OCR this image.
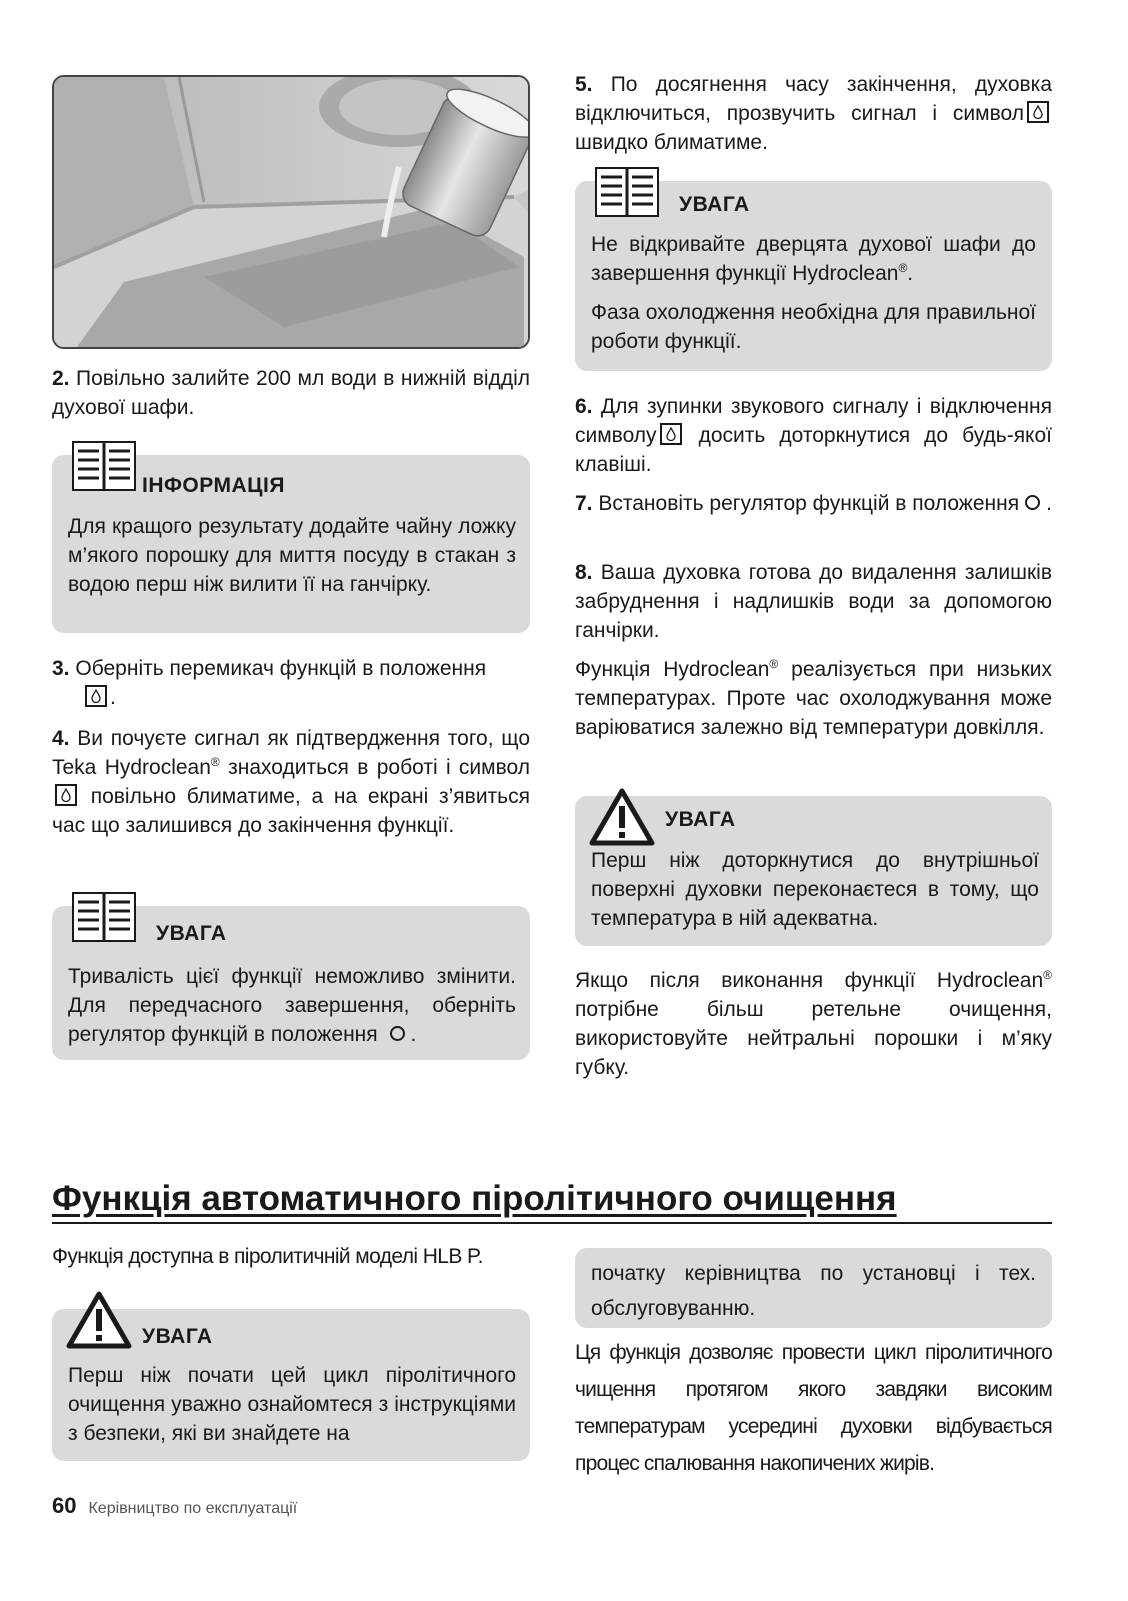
2. Повільно залийте 200 мл води в нижній відділ духової шафи.
ІНФОРМАЦІЯ
Для кращого результату додайте чайну ложку м’якого порошку для миття посуду в стакан з водою перш ніж вилити її на ганчірку.
3. Оберніть перемикач функцій в положення
.
4. Ви почуєте сигнал як підтвердження того, що Teka Hydroclean® знаходиться в роботі і символ
повільно блиматиме, а на екрані з’явиться час що залишився до закінчення функції.
УВАГА
Тривалість цієї функції неможливо змінити. Для передчасного завершення, оберніть регулятор функцій в положення .
5. По досягнення часу закінчення, духовка відключиться, прозвучить сигнал і символ
швидко блиматиме.
УВАГА
Не відкривайте дверцята духової шафи до завершення функції Hydroclean®.
Фаза охолодження необхідна для правильної роботи функції.
6. Для зупинки звукового сигналу і відключення символу
досить доторкнутися до будь-якої клавіші.
7. Встановіть регулятор функцій в положення .
8. Ваша духовка готова до видалення залишків забруднення і надлишків води за допомогою ганчірки.
Функція Hydroclean® реалізується при низьких температурах. Проте час охолоджування може варіюватися залежно від температури довкілля.
УВАГА
Перш ніж доторкнутися до внутрішньої поверхні духовки переконаєтеся в тому, що температура в ній адекватна.
Якщо після виконання функції Hydroclean® потрібне більш ретельне очищення, використовуйте нейтральні порошки і м’яку губку.
Функція автоматичного піролітичного очищення
Функція доступна в піролитичній моделі HLB P.
УВАГА
Перш ніж почати цей цикл піролітичного очищення уважно ознайомтеся з інструкціями з безпеки, які ви знайдете на
початку керівництва по установці і тех. обслуговуванню.
Ця функція дозволяє провести цикл піролитичного чищення протягом якого завдяки високим температурам усередині духовки відбувається процес спалювання накопичених жирів.
60 Керівництво по експлуатації
